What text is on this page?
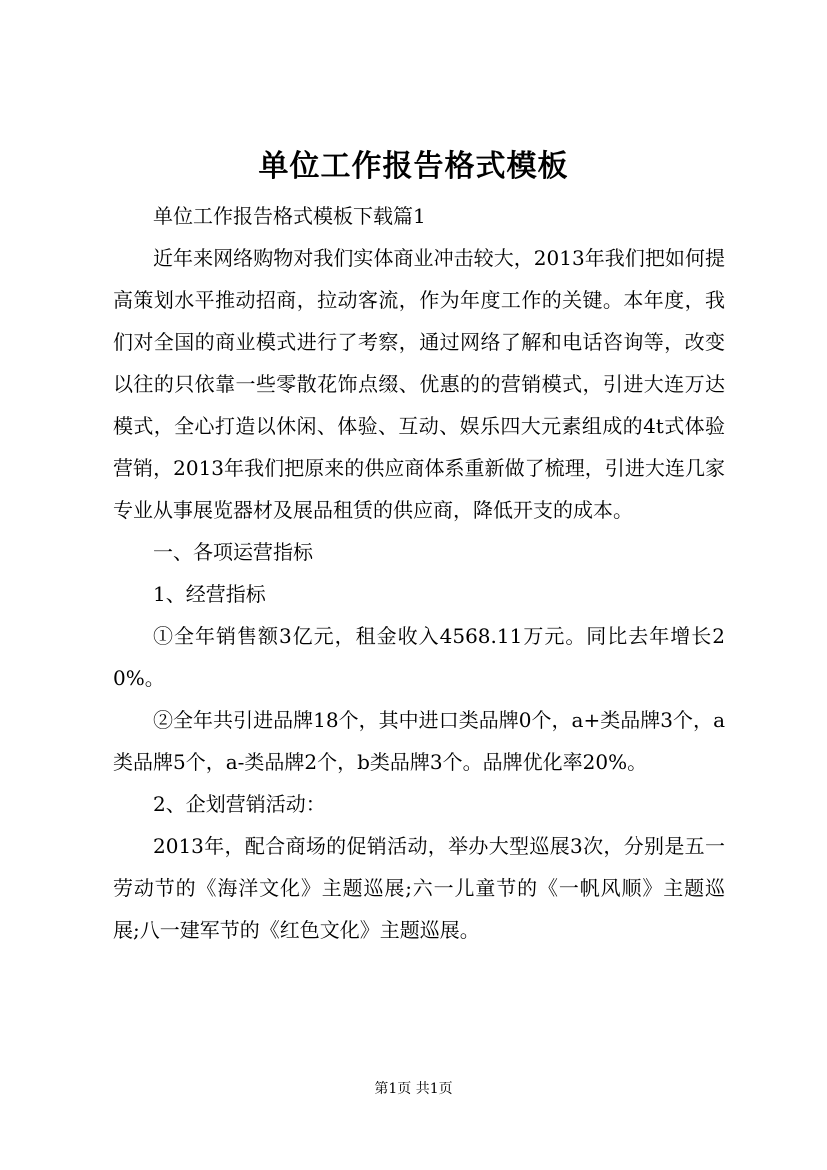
单位工作报告格式模板

单位工作报告格式模板下载篇1

近年来网络购物对我们实体商业冲击较大，2013年我们把如何提高策划水平推动招商，拉动客流，作为年度工作的关键。本年度，我们对全国的商业模式进行了考察，通过网络了解和电话咨询等，改变以往的只依靠一些零散花饰点缀、优惠的的营销模式，引进大连万达模式，全心打造以休闲、体验、互动、娱乐四大元素组成的4t式体验营销，2013年我们把原来的供应商体系重新做了梳理，引进大连几家专业从事展览器材及展品租赁的供应商，降低开支的成本。

一、各项运营指标

1、经营指标

①全年销售额3亿元，租金收入4568.11万元。同比去年增长20%。

②全年共引进品牌18个，其中进口类品牌0个，a+类品牌3个，a类品牌5个，a-类品牌2个，b类品牌3个。品牌优化率20%。

2、企划营销活动：

2013年，配合商场的促销活动，举办大型巡展3次，分别是五一劳动节的《海洋文化》主题巡展;六一儿童节的《一帆风顺》主题巡展;八一建军节的《红色文化》主题巡展。

第1页 共1页
